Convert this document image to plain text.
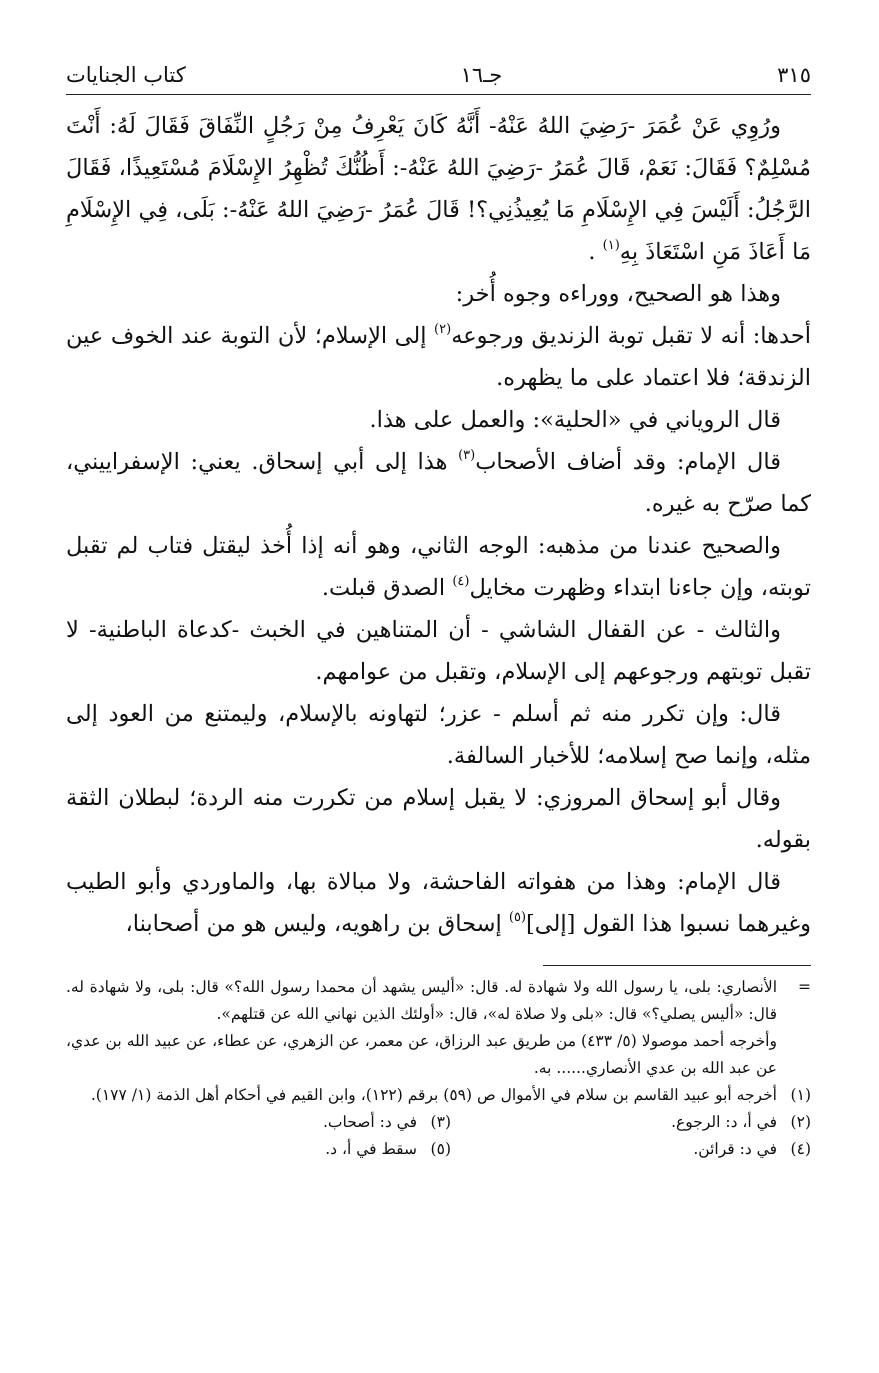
٣١٥
جـ١٦
كتاب الجنايات

ورُوِي عَنْ عُمَرَ -رَضِيَ اللهُ عَنْهُ- أَنَّهُ كَانَ يَعْرِفُ مِنْ رَجُلٍ النِّفَاقَ فَقَالَ لَهُ: أَنْتَ مُسْلِمٌ؟ فَقَالَ: نَعَمْ، قَالَ عُمَرُ -رَضِيَ اللهُ عَنْهُ-: أَظُنُّكَ تُظْهِرُ الإِسْلَامَ مُسْتَعِيذًا، فَقَالَ الرَّجُلُ: أَلَيْسَ فِي الإِسْلَامِ مَا يُعِيذُنِي؟! قَالَ عُمَرُ -رَضِيَ اللهُ عَنْهُ-: بَلَى، فِي الإِسْلَامِ مَا أَعَاذَ مَنِ اسْتَعَاذَ بِهِ$^{(١)}$ .

وهذا هو الصحيح، ووراءه وجوه أُخر:

أحدها: أنه لا تقبل توبة الزنديق ورجوعه$^{(٢)}$ إلى الإسلام؛ لأن التوبة عند الخوف عين الزندقة؛ فلا اعتماد على ما يظهره.

قال الروياني في «الحلية»: والعمل على هذا.

قال الإمام: وقد أضاف الأصحاب$^{(٣)}$ هذا إلى أبي إسحاق. يعني: الإسفراييني، كما صرّح به غيره.

والصحيح عندنا من مذهبه: الوجه الثاني، وهو أنه إذا أُخذ ليقتل فتاب لم تقبل توبته، وإن جاءنا ابتداء وظهرت مخايل$^{(٤)}$ الصدق قبلت.

والثالث - عن القفال الشاشي - أن المتناهين في الخبث -كدعاة الباطنية- لا تقبل توبتهم ورجوعهم إلى الإسلام، وتقبل من عوامهم.

قال: وإن تكرر منه ثم أسلم - عزر؛ لتهاونه بالإسلام، وليمتنع من العود إلى مثله، وإنما صح إسلامه؛ للأخبار السالفة.

وقال أبو إسحاق المروزي: لا يقبل إسلام من تكررت منه الردة؛ لبطلان الثقة بقوله.

قال الإمام: وهذا من هفواته الفاحشة، ولا مبالاة بها، والماوردي وأبو الطيب وغيرهما نسبوا هذا القول [إلى]$^{(٥)}$ إسحاق بن راهويه، وليس هو من أصحابنا،

=
الأنصاري: بلى، يا رسول الله ولا شهادة له. قال: «أليس يشهد أن محمدا رسول الله؟» قال: بلى، ولا شهادة له. قال: «أليس يصلي؟» قال: «بلى ولا صلاة له»، قال: «أولئك الذين نهاني الله عن قتلهم».
وأخرجه أحمد موصولا (٥/ ٤٣٣) من طريق عبد الرزاق، عن معمر، عن الزهري، عن عطاء، عن عبيد الله بن عدي، عن عبد الله بن عدي الأنصاري...... به.
(١)
أخرجه أبو عبيد القاسم بن سلام في الأموال ص (٥٩) برقم (١٢٢)، وابن القيم في أحكام أهل الذمة (١/ ١٧٧).
(٢)
في أ، د: الرجوع.
(٣)
في د: أصحاب.
(٤)
في د: قرائن.
(٥)
سقط في أ، د.
